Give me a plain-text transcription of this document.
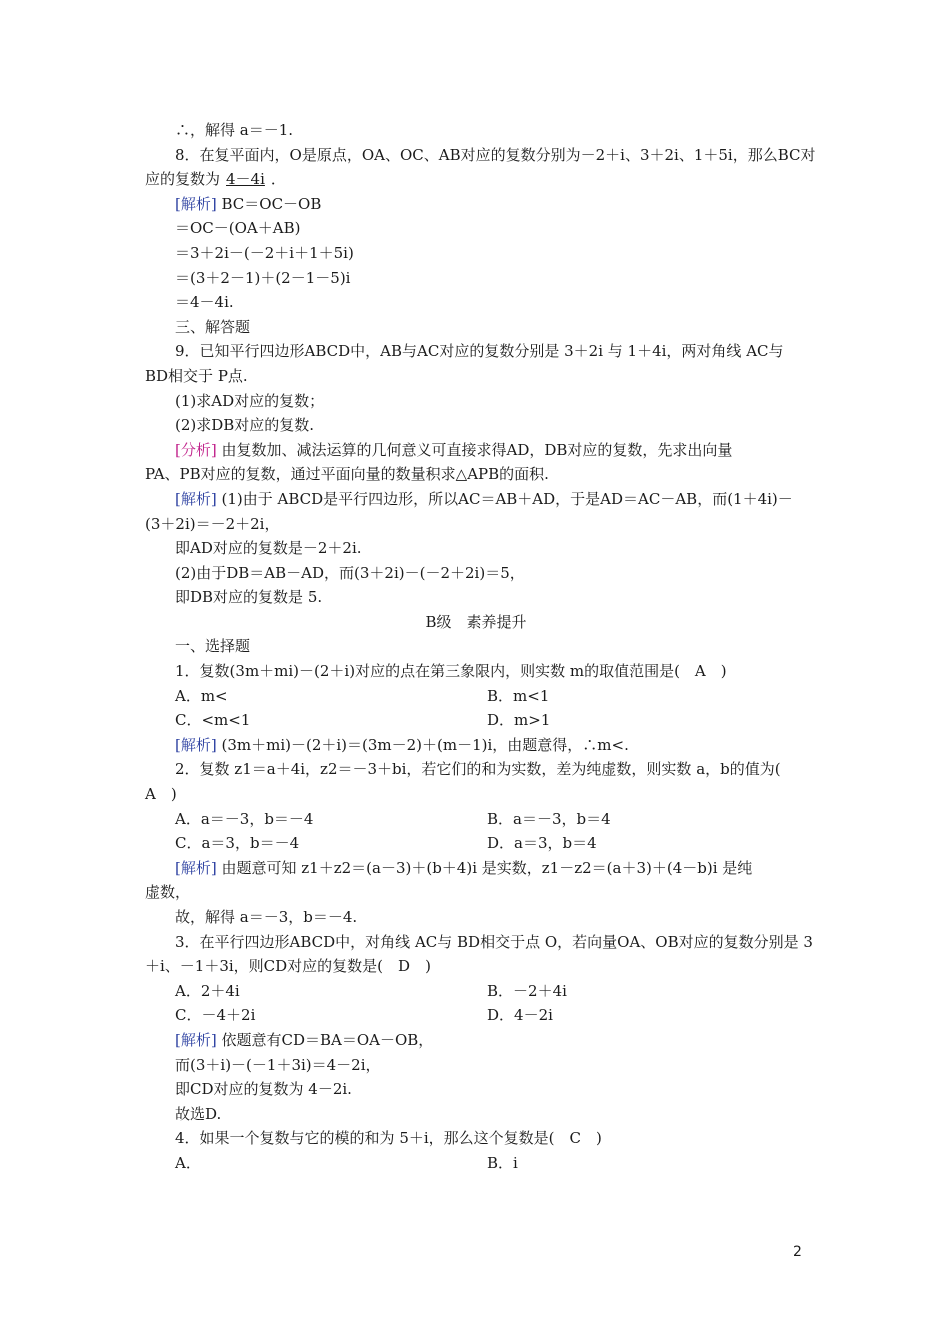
∴，解得 a＝－1.
8．在复平面内，O是原点，OA、OC、AB对应的复数分别为－2＋i、3＋2i、1＋5i，那么BC对
应的复数为 4－4i ．
[解析] BC＝OC－OB
＝OC－(OA＋AB)
＝3＋2i－(－2＋i＋1＋5i)
＝(3＋2－1)＋(2－1－5)i
＝4－4i.
三、解答题
9．已知平行四边形ABCD中，AB与AC对应的复数分别是 3＋2i 与 1＋4i，两对角线 AC与
BD相交于 P点.
(1)求AD对应的复数；
(2)求DB对应的复数.
[分析] 由复数加、减法运算的几何意义可直接求得AD，DB对应的复数，先求出向量
PA、PB对应的复数，通过平面向量的数量积求△APB的面积.
[解析] (1)由于 ABCD是平行四边形，所以AC＝AB＋AD，于是AD＝AC－AB，而(1＋4i)－
(3＋2i)＝－2＋2i，
即AD对应的复数是－2＋2i.
(2)由于DB＝AB－AD，而(3＋2i)－(－2＋2i)＝5，
即DB对应的复数是 5.
B级　素养提升
一、选择题
1．复数(3m＋mi)－(2＋i)对应的点在第三象限内，则实数 m的取值范围是(　A　)
A．m<	B．m<1
C．<m<1	D．m>1
[解析] (3m＋mi)－(2＋i)＝(3m－2)＋(m－1)i，由题意得，∴m<.
2．复数 z1＝a＋4i，z2＝－3＋bi，若它们的和为实数，差为纯虚数，则实数 a，b的值为(
A　)
A．a＝－3，b＝－4	B．a＝－3，b＝4
C．a＝3，b＝－4	D．a＝3，b＝4
[解析] 由题意可知 z1＋z2＝(a－3)＋(b＋4)i 是实数，z1－z2＝(a＋3)＋(4－b)i 是纯
虚数，
故，解得 a＝－3，b＝－4.
3．在平行四边形ABCD中，对角线 AC与 BD相交于点 O，若向量OA、OB对应的复数分别是 3
＋i、－1＋3i，则CD对应的复数是(　D　)
A．2＋4i	B．－2＋4i
C．－4＋2i	D．4－2i
[解析] 依题意有CD＝BA＝OA－OB，
而(3＋i)－(－1＋3i)＝4－2i，
即CD对应的复数为 4－2i.
故选D.
4．如果一个复数与它的模的和为 5＋i，那么这个复数是(　C　)
A．	B．i
2
